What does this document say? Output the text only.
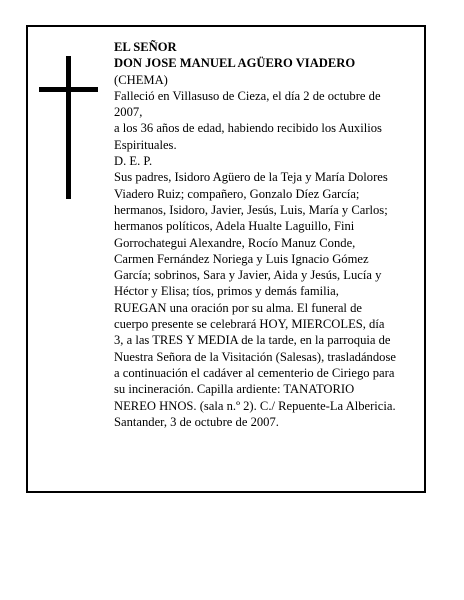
EL SEÑOR
DON JOSE MANUEL AGÜERO VIADERO
(CHEMA)
Falleció en Villasuso de Cieza, el día 2 de octubre de
2007,
a los 36 años de edad, habiendo recibido los Auxilios
Espirituales.
D. E. P.
Sus padres, Isidoro Agüero de la Teja y María Dolores
Viadero Ruiz; compañero, Gonzalo Díez García;
hermanos, Isidoro, Javier, Jesús, Luis, María y Carlos;
hermanos políticos, Adela Hualte Laguillo, Fini
Gorrochategui Alexandre, Rocío Manuz Conde,
Carmen Fernández Noriega y Luis Ignacio Gómez
García; sobrinos, Sara y Javier, Aida y Jesús, Lucía y
Héctor y Elisa; tíos, primos y demás familia,
RUEGAN una oración por su alma. El funeral de
cuerpo presente se celebrará HOY, MIERCOLES, día
3, a las TRES Y MEDIA de la tarde, en la parroquia de
Nuestra Señora de la Visitación (Salesas), trasladándose
a continuación el cadáver al cementerio de Ciriego para
su incineración. Capilla ardiente: TANATORIO
NEREO HNOS. (sala n.º 2). C./ Repuente-La Albericia.
Santander, 3 de octubre de 2007.
